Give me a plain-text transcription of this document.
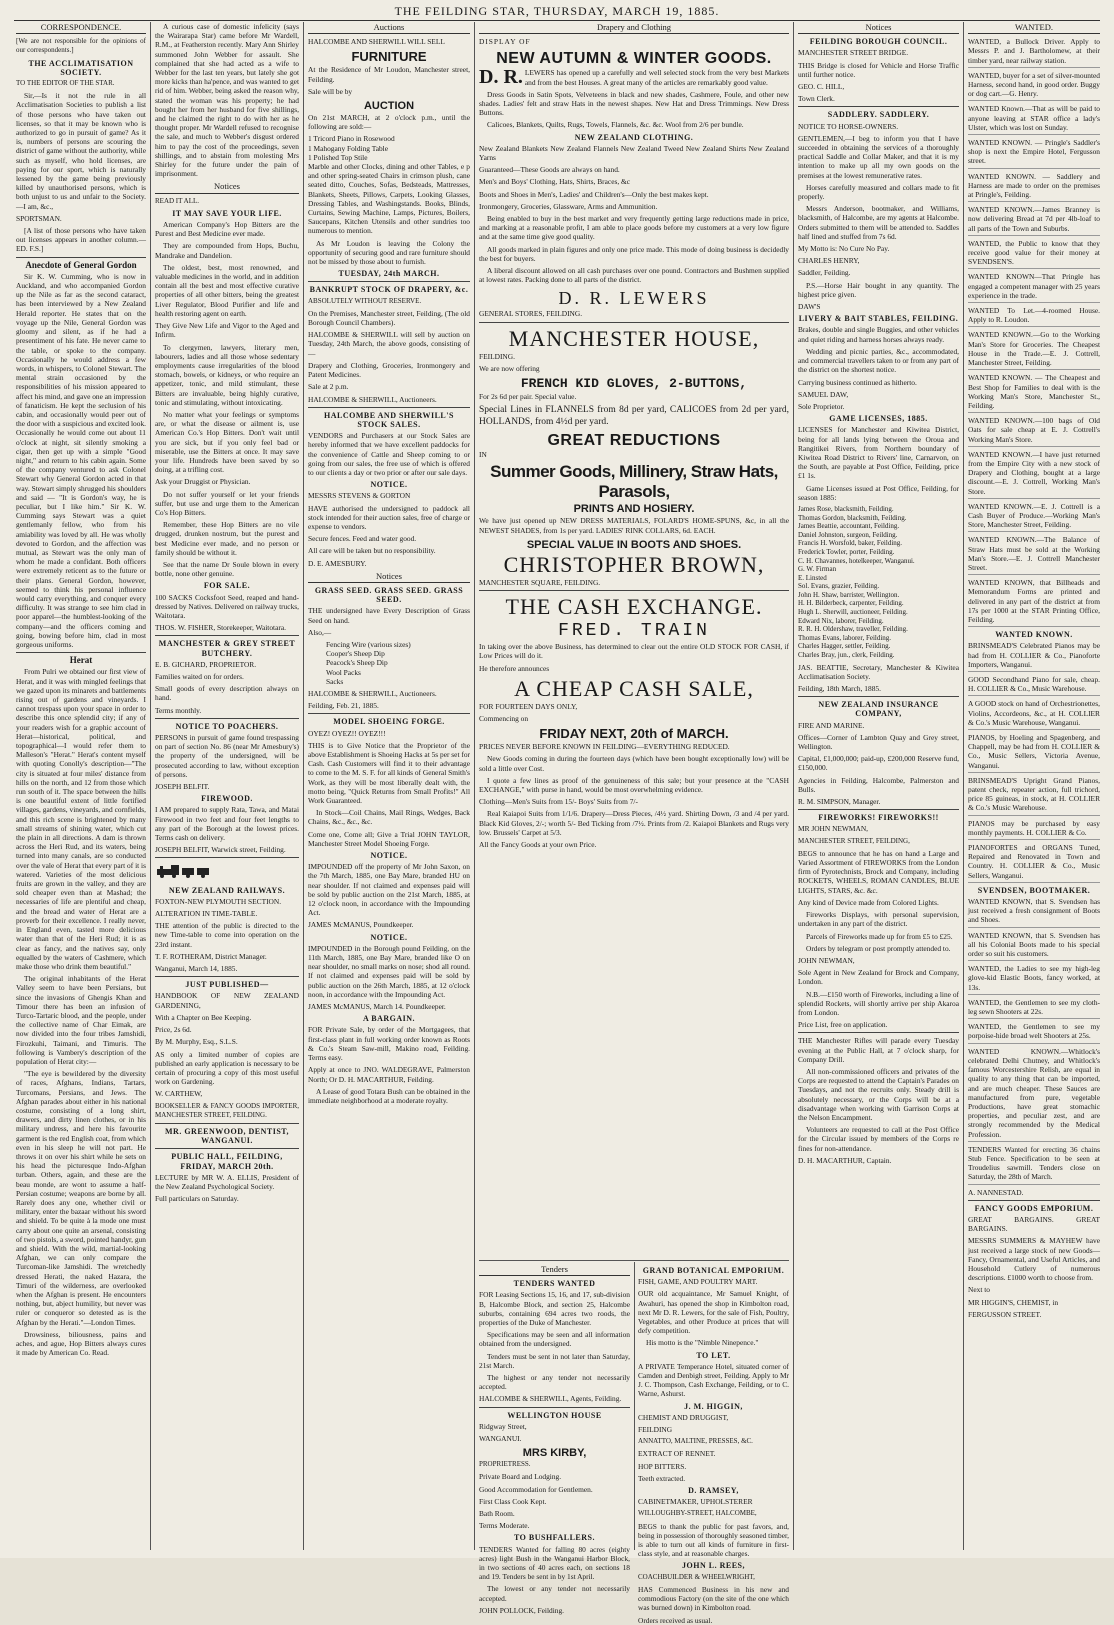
THE FEILDING STAR, THURSDAY, MARCH 19, 1885.
CORRESPONDENCE.

[We are not responsible for the opinions of our correspondents.]

THE ACCLIMATISATION SOCIETY.

TO THE EDITOR OF THE STAR.

Sir,—Is it not the rule in all Acclimatisation Societies to publish a list of those persons who have taken out licenses, so that it may be known who is authorized to go in pursuit of game? As it is, numbers of persons are scouring the district of game without the authority, while such as myself, who hold licenses, are paying for our sport, which is naturally lessened by the game being previously killed by unauthorised persons, which is both unjust to us and unfair to the Society.—I am, &c.,

SPORTSMAN.

[A list of those persons who have taken out licenses appears in another column.—ED. F.S.]

Anecdote of General Gordon

Sir K. W. Cumming, who is now in Auckland, and who accompanied Gordon up the Nile as far as the second cataract, has been interviewed by a New Zealand Herald reporter. He states that on the voyage up the Nile, General Gordon was gloomy and silent, as if he had a presentiment of his fate. He never came to the table, or spoke to the company. Occasionally he would address a few words, in whispers, to Colonel Stewart. The mental strain occasioned by the responsibilities of his mission appeared to affect his mind, and gave one an impression of fanaticism. He kept the seclusion of his cabin, and occasionally would peer out of the door with a suspicious and excited look. Occasionally he would come out about 11 o'clock at night, sit silently smoking a cigar, then get up with a simple "Good night," and return to his cabin again. Some of the company ventured to ask Colonel Stewart why General Gordon acted in that way. Stewart simply shrugged his shoulders and said — "It is Gordon's way, he is peculiar, but I like him." Sir K. W. Cumming says Stewart was a quiet gentlemanly fellow, who from his amiability was loved by all. He was wholly devoted to Gordon, and the affection was mutual, as Stewart was the only man of whom he made a confidant. Both officers were extremely reticent as to the future or their plans. General Gordon, however, seemed to think his personal influence would carry everything, and conquer every difficulty. It was strange to see him clad in poor apparel—the humblest-looking of the company—and the officers coming and going, bowing before him, clad in most gorgeous uniforms.

Herat

From Pulri we obtained our first view of Herat, and it was with mingled feelings that we gazed upon its minarets and battlements rising out of gardens and vineyards. I cannot trespass upon your space in order to describe this once splendid city; if any of your readers wish for a graphic account of Herat—historical, political, and topographical—I would refer them to Malleson's "Herat." Herat's content myself with quoting Conolly's description—"The city is situated at four miles' distance from hills on the north, and 12 from those which run south of it. The space between the hills is one beautiful extent of little fortified villages, gardens, vineyards, and cornfields, and this rich scene is brightened by many small streams of shining water, which cut the plain in all directions. A dam is thrown across the Heri Rud, and its waters, being turned into many canals, are so conducted over the vale of Herat that every part of it is watered. Varieties of the most delicious fruits are grown in the valley, and they are sold cheaper even than at Mashad; the necessaries of life are plentiful and cheap, and the bread and water of Herat are a proverb for their excellence. I really never, in England even, tasted more delicious water than that of the Heri Rud; it is as clear as fancy, and the natives say, only equalled by the waters of Cashmere, which make those who drink them beautiful."

The original inhabitants of the Herat Valley seem to have been Persians, but since the invasions of Ghengis Khan and Timour there has been an infusion of Turco-Tartaric blood, and the people, under the collective name of Char Eimak, are now divided into the four tribes Jamshidi, Firozkuhi, Taimani, and Timuris. The following is Vambery's description of the population of Herat city:—

"The eye is bewildered by the diversity of races, Afghans, Indians, Tartars, Turcomans, Persians, and Jews. The Afghan parades about either in his national costume, consisting of a long shirt, drawers, and dirty linen clothes, or in his military undress, and here his favourite garment is the red English coat, from which even in his sleep he will not part. He throws it on over his shirt while he sets on his head the picturesque Indo-Afghan turban. Others, again, and these are the beau monde, are wont to assume a half-Persian costume; weapons are borne by all. Rarely does any one, whether civil or military, enter the bazaar without his sword and shield. To be quite à la mode one must carry about one quite an arsenal, consisting of two pistols, a sword, pointed handyr, gun and shield. With the wild, martial-looking Afghan, we can only compare the Turcoman-like Jamshidi. The wretchedly dressed Herati, the naked Hazara, the Timuri of the wilderness, are overlooked when the Afghan is present. He encounters nothing, but, abject humility, but never was ruler or conqueror so detested as is the Afghan by the Herati."—London Times.

Drowsiness, biliousness, pains and aches, and ague, Hop Bitters always cures it made by American Co. Read.

A curious case of domestic infelicity (says the Wairarapa Star) came before Mr Wardell, R.M., at Featherston recently. Mary Ann Shirley summoned John Webber for assault. She complained that she had acted as a wife to Webber for the last ten years, but lately she got more kicks than ha'pence, and was wanted to get rid of him. Webber, being asked the reason why, stated the woman was his property; he had bought her from her husband for five shillings, and he claimed the right to do with her as he thought proper. Mr Wardell refused to recognise the sale, and much to Webber's disgust ordered him to pay the cost of the proceedings, seven shillings, and to abstain from molesting Mrs Shirley for the future under the pain of imprisonment.

Notices

READ IT ALL.

IT MAY SAVE YOUR LIFE.

American Company's Hop Bitters are the Purest and Best Medicine ever made.

They are compounded from Hops, Buchu, Mandrake and Dandelion.

The oldest, best, most renowned, and valuable medicines in the world, and in addition contain all the best and most effective curative properties of all other bitters, being the greatest Liver Regulator, Blood Purifier and life and health restoring agent on earth.

They Give New Life and Vigor to the Aged and Infirm.

To clergymen, lawyers, literary men, labourers, ladies and all those whose sedentary employments cause irregularities of the blood stomach, bowels, or kidneys, or who require an appetizer, tonic, and mild stimulant, these Bitters are invaluable, being highly curative, tonic and stimulating, without intoxicating.

No matter what your feelings or symptoms are, or what the disease or ailment is, use American Co.'s Hop Bitters. Don't wait until you are sick, but if you only feel bad or miserable, use the Bitters at once. It may save your life. Hundreds have been saved by so doing, at a trifling cost.

Ask your Druggist or Physician.

Do not suffer yourself or let your friends suffer, but use and urge them to the American Co's Hop Bitters.

Remember, these Hop Bitters are no vile drugged, drunken nostrum, but the purest and best Medicine ever made, and no person or family should be without it.

See that the name Dr Soule blown in every bottle, none other genuine.

FOR SALE.

100 SACKS Cocksfoot Seed, reaped and hand-dressed by Natives. Delivered on railway trucks, Waitotara.

THOS. W. FISHER, Storekeeper, Waitotara.

MANCHESTER & GREY STREET BUTCHERY.

E. B. GICHARD, PROPRIETOR.

Families waited on for orders.

Small goods of every description always on hand.

Terms monthly.

NOTICE TO POACHERS.

PERSONS in pursuit of game found trespassing on part of section No. 86 (near Mr Amesbury's) the property of the undersigned, will be prosecuted according to law, without exception of persons.

JOSEPH BELFIT.

FIREWOOD.

I AM prepared to supply Rata, Tawa, and Matai Firewood in two feet and four feet lengths to any part of the Borough at the lowest prices. Terms cash on delivery.

JOSEPH BELFIT, Warwick street, Feilding.

NEW ZEALAND RAILWAYS.

FOXTON-NEW PLYMOUTH SECTION.

ALTERATION IN TIME-TABLE.

THE attention of the public is directed to the new Time-table to come into operation on the 23rd instant.

T. F. ROTHERAM, District Manager.

Wanganui, March 14, 1885.

JUST PUBLISHED—

HANDBOOK OF NEW ZEALAND GARDENING,

With a Chapter on Bee Keeping.

Price, 2s 6d.

By M. Murphy, Esq., S.L.S.

AS only a limited number of copies are published an early application is necessary to be certain of procuring a copy of this most useful work on Gardening.

W. CARTHEW,

BOOKSELLER & FANCY GOODS IMPORTER, MANCHESTER STREET, FEILDING.

MR. GREENWOOD, DENTIST, WANGANUI.
PUBLIC HALL, FEILDING, FRIDAY, MARCH 20th.

LECTURE by MR W. A. ELLIS, President of the New Zealand Psychological Society.

Full particulars on Saturday.

Auctions

HALCOMBE AND SHERWILL WILL SELL

FURNITURE

At the Residence of Mr Loudon, Manchester street, Feilding.

Sale will be by

AUCTION

On 21st MARCH, at 2 o'clock p.m., until the following are sold:—

1 Tricord Piano in Rosewood
1 Mahogany Folding Table
1 Polished Top Stile
Marble and other Clocks, dining and other Tables, e p and other spring-seated Chairs in crimson plush, cane seated ditto, Couches, Sofas, Bedsteads, Mattresses, Blankets, Sheets, Pillows, Carpets, Looking Glasses, Dressing Tables, and Washingstands. Books, Blinds, Curtains, Sewing Machine, Lamps, Pictures, Boilers, Saucepans, Kitchen Utensils and other sundries too numerous to mention.

As Mr Loudon is leaving the Colony the opportunity of securing good and rare furniture should not be missed by those about to furnish.

TUESDAY, 24th MARCH.
BANKRUPT STOCK OF DRAPERY, &c.

ABSOLUTELY WITHOUT RESERVE.

On the Premises, Manchester street, Feilding, (The old Borough Council Chambers).

HALCOMBE & SHERWILL will sell by auction on Tuesday, 24th March, the above goods, consisting of—

Drapery and Clothing, Groceries, Ironmongery and Patent Medicines.

Sale at 2 p.m.

HALCOMBE & SHERWILL, Auctioneers.

HALCOMBE AND SHERWILL'S STOCK SALES.

VENDORS and Purchasers at our Stock Sales are hereby informed that we have excellent paddocks for the convenience of Cattle and Sheep coming to or going from our sales, the free use of which is offered to our clients a day or two prior or after our sale days.

NOTICE.

MESSRS STEVENS & GORTON

HAVE authorised the undersigned to paddock all stock intended for their auction sales, free of charge or expense to vendors.

Secure fences. Feed and water good.

All care will be taken but no responsibility.

D. E. AMESBURY.

Notices
GRASS SEED. GRASS SEED. GRASS SEED.

THE undersigned have Every Description of Grass Seed on hand.

Also,—

Fencing Wire (various sizes)
Cooper's Sheep Dip
Peacock's Sheep Dip
Wool Packs
Sacks

HALCOMBE & SHERWILL, Auctioneers.

Feilding, Feb. 21, 1885.

MODEL SHOEING FORGE.

OYEZ! OYEZ!! OYEZ!!!

THIS is to Give Notice that the Proprietor of the above Establishment is Shoeing Hacks at 5s per set for Cash. Cash Customers will find it to their advantage to come to the M. S. F. for all kinds of General Smith's Work, as they will be most liberally dealt with, the motto being, "Quick Returns from Small Profits!" All Work Guaranteed.

In Stock—Coil Chains, Mail Rings, Wedges, Back Chains, &c., &c., &c.

Come one, Come all; Give a Trial JOHN TAYLOR, Manchester Street Model Shoeing Forge.

NOTICE.

IMPOUNDED off the property of Mr John Saxon, on the 7th March, 1885, one Bay Mare, branded HU on near shoulder. If not claimed and expenses paid will be sold by public auction on the 21st March, 1885, at 12 o'clock noon, in accordance with the Impounding Act.

JAMES McMANUS, Poundkeeper.

NOTICE.

IMPOUNDED in the Borough pound Feilding, on the 11th March, 1885, one Bay Mare, branded like O on near shoulder, no small marks on nose; shod all round. If not claimed and expenses paid will be sold by public auction on the 26th March, 1885, at 12 o'clock noon, in accordance with the Impounding Act.

JAMES McMANUS, March 14. Poundkeeper.

A BARGAIN.

FOR Private Sale, by order of the Mortgagees, that first-class plant in full working order known as Roots & Co.'s Steam Saw-mill, Makino road, Feilding. Terms easy.

Apply at once to JNO. WALDEGRAVE, Palmerston North; Or D. H. MACARTHUR, Feilding.

A Lease of good Totara Bush can be obtained in the immediate neighborhood at a moderate royalty.

Drapery and Clothing

DISPLAY OF

NEW AUTUMN & WINTER GOODS.

D. R. LEWERS has opened up a carefully and well selected stock from the very best Markets and from the best Houses. A great many of the articles are remarkably good value.

Dress Goods in Satin Spots, Velveteens in black and new shades, Cashmere, Foule, and other new shades. Ladies' felt and straw Hats in the newest shapes. New Hat and Dress Trimmings. New Dress Buttons.

Calicoes, Blankets, Quilts, Rugs, Towels, Flannels, &c. &c. Wool from 2/6 per bundle.

NEW ZEALAND CLOTHING.

New Zealand Blankets New Zealand Flannels New Zealand Tweed New Zealand Shirts New Zealand Yarns

Guaranteed—These Goods are always on hand.

Men's and Boys' Clothing, Hats, Shirts, Braces, &c

Boots and Shoes in Men's, Ladies' and Children's—Only the best makes kept.

Ironmongery, Groceries, Glassware, Arms and Ammunition.

Being enabled to buy in the best market and very frequently getting large reductions made in price, and marking at a reasonable profit, I am able to place goods before my customers at a very low figure and at the same time give good quality.

All goods marked in plain figures and only one price made. This mode of doing business is decidedly the best for buyers.

A liberal discount allowed on all cash purchases over one pound. Contractors and Bushmen supplied at lowest rates. Packing done to all parts of the district.

D. R. LEWERS

GENERAL STORES, FEILDING.

MANCHESTER HOUSE,

FEILDING.

We are now offering

FRENCH KID GLOVES, 2-BUTTONS,

For 2s 6d per pair. Special value.

Special Lines in FLANNELS from 8d per yard, CALICOES from 2d per yard, HOLLANDS, from 4½d per yard.

GREAT REDUCTIONS

IN

Summer Goods, Millinery, Straw Hats, Parasols,
PRINTS AND HOSIERY.

We have just opened up NEW DRESS MATERIALS, FOLARD'S HOME-SPUNS, &c, in all the NEWEST SHADES, from 1s per yard. LADIES' RINK COLLARS, 6d. EACH.

SPECIAL VALUE IN BOOTS AND SHOES.
CHRISTOPHER BROWN,

MANCHESTER SQUARE, FEILDING.

THE CASH EXCHANGE.
FRED. TRAIN

In taking over the above Business, has determined to clear out the entire OLD STOCK FOR CASH, if Low Prices will do it.

He therefore announces

A CHEAP CASH SALE,

FOR FOURTEEN DAYS ONLY,

Commencing on

FRIDAY NEXT, 20th of MARCH.

PRICES NEVER BEFORE KNOWN IN FEILDING—EVERYTHING REDUCED.

New Goods coming in during the fourteen days (which have been bought exceptionally low) will be sold a little over Cost.

I quote a few lines as proof of the genuineness of this sale; but your presence at the "CASH EXCHANGE," with purse in hand, would be most overwhelming evidence.

Clothing—Men's Suits from 15/- Boys' Suits from 7/-

Real Kaiapoi Suits from 1/1/6. Drapery—Dress Pieces, /4½ yard. Shirting Down, /3 and /4 per yard. Black Kid Gloves, 2/-; worth 5/- Bed Ticking from /7½. Prints from /2. Kaiapoi Blankets and Rugs very low. Brussels' Carpet at 5/3.

All the Fancy Goods at your own Price.

Tenders
TENDERS WANTED

FOR Leasing Sections 15, 16, and 17, sub-division B, Halcombe Block, and section 25, Halcombe suburbs, containing 694 acres two roods, the properties of the Duke of Manchester.

Specifications may be seen and all information obtained from the undersigned.

Tenders must be sent in not later than Saturday, 21st March.

The highest or any tender not necessarily accepted.

HALCOMBE & SHERWILL, Agents, Feilding.

WELLINGTON HOUSE

Ridgway Street,

WANGANUI.

MRS KIRBY,

PROPRIETRESS.

Private Board and Lodging.

Good Accommodation for Gentlemen.

First Class Cook Kept.

Bath Room.

Terms Moderate.

TO BUSHFALLERS.

TENDERS Wanted for falling 80 acres (eighty acres) light Bush in the Wanganui Harbor Block, in two sections of 40 acres each, on sections 18 and 19. Tenders be sent in by 1st April.

The lowest or any tender not necessarily accepted.

JOHN POLLOCK, Feilding.

GRAND BOTANICAL EMPORIUM.

FISH, GAME, AND POULTRY MART.

OUR old acquaintance, Mr Samuel Knight, of Awahuri, has opened the shop in Kimbolton road, next Mr D. R. Lewers, for the sale of Fish, Poultry, Vegetables, and other Produce at prices that will defy competition.

His motto is the "Nimble Ninepence."

TO LET.

A PRIVATE Temperance Hotel, situated corner of Camden and Denbigh street, Feilding. Apply to Mr J. C. Thompson, Cash Exchange, Feilding, or to C. Warne, Ashurst.

J. M. HIGGIN,

CHEMIST AND DRUGGIST,

FEILDING

ANNATTO, MALTINE, PRESSES, &C.

EXTRACT OF RENNET.

HOP BITTERS.

Teeth extracted.

D. RAMSEY,

CABINETMAKER, UPHOLSTERER

WILLOUGHBY-STREET, HALCOMBE,

BEGS to thank the public for past favors, and, being in possession of thoroughly seasoned timber, is able to turn out all kinds of furniture in first-class style, and at reasonable charges.

JOHN L. REES,

COACHBUILDER & WHEELWRIGHT,

HAS Commenced Business in his new and commodious Factory (on the site of the one which was burned down) in Kimbolton road.

Orders received as usual.

Notices
FEILDING BOROUGH COUNCIL.

MANCHESTER STREET BRIDGE.

THIS Bridge is closed for Vehicle and Horse Traffic until further notice.

GEO. C. HILL,

Town Clerk.

SADDLERY. SADDLERY.

NOTICE TO HORSE-OWNERS.

GENTLEMEN,—I beg to inform you that I have succeeded in obtaining the services of a thoroughly practical Saddle and Collar Maker, and that it is my intention to make up all my own goods on the premises at the lowest remunerative rates.

Horses carefully measured and collars made to fit properly.

Messrs Anderson, bootmaker, and Williams, blacksmith, of Halcombe, are my agents at Halcombe. Orders submitted to them will be attended to. Saddles half lined and stuffed from 7s 6d.

My Motto is: No Cure No Pay.

CHARLES HENRY,

Saddler, Feilding.

P.S.—Horse Hair bought in any quantity. The highest price given.

DAW'S

LIVERY & BAIT STABLES, FEILDING.

Brakes, double and single Buggies, and other vehicles and quiet riding and harness horses always ready.

Wedding and picnic parties, &c., accommodated, and commercial travellers taken to or from any part of the district on the shortest notice.

Carrying business continued as hitherto.

SAMUEL DAW,

Sole Proprietor.

GAME LICENSES, 1885.

LICENSES for Manchester and Kiwitea District, being for all lands lying between the Oroua and Rangitikei Rivers, from Northern boundary of Kiwitea Road District to Rivers' line, Carnarvon, on the South, are payable at Post Office, Feilding, price £1 1s.

Game Licenses issued at Post Office, Feilding, for season 1885:

James Rose, blacksmith, Feilding.
Thomas Gordon, blacksmith, Feilding.
James Beattie, accountant, Feilding.
Daniel Johnston, surgeon, Feilding.
Francis H. Worsfold, baker, Feilding.
Frederick Towler, porter, Feilding.
C. H. Chavannes, hotelkeeper, Wanganui.
G. W. Firman
E. Linsted
Sol. Evans, grazier, Feilding.
John H. Shaw, barrister, Wellington.
H. H. Bilderbeck, carpenter, Feilding.
Hugh L. Sherwill, auctioneer, Feilding.
Edward Nix, laborer, Feilding.
R. R. H. Oldershaw, traveller, Feilding.
Thomas Evans, laborer, Feilding.
Charles Hagger, settler, Feilding.
Charles Bray, jun., clerk, Feilding.

JAS. BEATTIE, Secretary, Manchester & Kiwitea Acclimatisation Society.

Feilding, 18th March, 1885.

NEW ZEALAND INSURANCE COMPANY,

FIRE AND MARINE.

Offices—Corner of Lambton Quay and Grey street, Wellington.

Capital, £1,000,000; paid-up, £200,000 Reserve fund, £150,000.

Agencies in Feilding, Halcombe, Palmerston and Bulls.

R. M. SIMPSON, Manager.

FIREWORKS! FIREWORKS!!

MR JOHN NEWMAN,

MANCHESTER STREET, FEILDING,

BEGS to announce that he has on hand a Large and Varied Assortment of FIREWORKS from the London firm of Pyrotechnists, Brock and Company, including ROCKETS, WHEELS, ROMAN CANDLES, BLUE LIGHTS, STARS, &c. &c.

Any kind of Device made from Colored Lights.

Fireworks Displays, with personal supervision, undertaken in any part of the district.

Parcels of Fireworks made up for from £5 to £25.

Orders by telegram or post promptly attended to.

JOHN NEWMAN,

Sole Agent in New Zealand for Brock and Company, London.

N.B.—£150 worth of Fireworks, including a line of splendid Rockets, will shortly arrive per ship Akaroa from London.

Price List, free on application.

THE Manchester Rifles will parade every Tuesday evening at the Public Hall, at 7 o'clock sharp, for Company Drill.

All non-commissioned officers and privates of the Corps are requested to attend the Captain's Parades on Tuesdays, and not the recruits only. Steady drill is absolutely necessary, or the Corps will be at a disadvantage when working with Garrison Corps at the Nelson Encampment.

Volunteers are requested to call at the Post Office for the Circular issued by members of the Corps re fines for non-attendance.

D. H. MACARTHUR, Captain.

WANTED.

WANTED, a Bullock Driver. Apply to Messrs P. and J. Bartholomew, at their timber yard, near railway station.

WANTED, buyer for a set of silver-mounted Harness, second hand, in good order. Buggy or dog cart.—G. Henry.

WANTED Known.—That as will be paid to anyone leaving at STAR office a lady's Ulster, which was lost on Sunday.

WANTED KNOWN. — Pringle's Saddler's shop is next the Empire Hotel, Fergusson street.

WANTED KNOWN. — Saddlery and Harness are made to order on the premises at Pringle's, Feilding.

WANTED KNOWN.—James Branney is now delivering Bread at 7d per 4lb-loaf to all parts of the Town and Suburbs.

WANTED, the Public to know that they receive good value for their money at SVENDSEN'S.

WANTED KNOWN—That Pringle has engaged a competent manager with 25 years experience in the trade.

WANTED To Let.—4-roomed House. Apply to R. Loudon.

WANTED KNOWN.—Go to the Working Man's Store for Groceries. The Cheapest House in the Trade.—E. J. Cottrell, Manchester Street, Feilding.

WANTED KNOWN. — The Cheapest and Best Shop for Families to deal with is the Working Man's Store, Manchester St., Feilding.

WANTED KNOWN.—100 bags of Old Oats for sale cheap at E. J. Cottrell's Working Man's Store.

WANTED KNOWN.—I have just returned from the Empire City with a new stock of Drapery and Clothing, bought at a large discount.—E. J. Cottrell, Working Man's Store.

WANTED KNOWN.—E. J. Cottrell is a Cash Buyer of Produce.—Working Man's Store, Manchester Street, Feilding.

WANTED KNOWN.—The Balance of Straw Hats must be sold at the Working Man's Store.—E. J. Cottrell Manchester Street.

WANTED KNOWN, that Billheads and Memorandum Forms are printed and delivered in any part of the district at from 17s per 1000 at the STAR Printing Office, Feilding.

WANTED KNOWN.

BRINSMEAD'S Celebrated Pianos may be had from H. COLLIER & Co., Pianoforte Importers, Wanganui.

GOOD Secondhand Piano for sale, cheap. H. COLLIER & Co., Music Warehouse.

A GOOD stock on hand of Orchestrionettes, Violins, Accordeons, &c., at H. COLLIER & Co.'s Music Warehouse, Wanganui.

PIANOS, by Hoeling and Spagenberg, and Chappell, may be had from H. COLLIER & Co., Music Sellers, Victoria Avenue, Wanganui.

BRINSMEAD'S Upright Grand Pianos, patent check, repeater action, full trichord, price 85 guineas, in stock, at H. COLLIER & Co.'s Music Warehouse.

PIANOS may be purchased by easy monthly payments. H. COLLIER & Co.

PIANOFORTES and ORGANS Tuned, Repaired and Renovated in Town and Country. H. COLLIER & Co., Music Sellers, Wanganui.

SVENDSEN, BOOTMAKER.

WANTED KNOWN, that S. Svendsen has just received a fresh consignment of Boots and Shoes.

WANTED KNOWN, that S. Svendsen has all his Colonial Boots made to his special order so suit his customers.

WANTED, the Ladies to see my high-leg glove-kid Elastic Boots, fancy worked, at 13s.

WANTED, the Gentlemen to see my cloth-leg sewn Shooters at 22s.

WANTED, the Gentlemen to see my porpoise-hide broad welt Shooters at 25s.

WANTED KNOWN.—Whitlock's celebrated Delhi Chutney, and Whitlock's famous Worcestershire Relish, are equal in quality to any thing that can be imported, and are much cheaper. These Sauces are manufactured from pure, vegetable Productions, have great stomachic properties, and peculiar zest, and are strongly recommended by the Medical Profession.

TENDERS Wanted for erecting 36 chains Stub Fence. Specification to be seen at Troudelius sawmill. Tenders close on Saturday, the 28th of March.

A. NANNESTAD.

FANCY GOODS EMPORIUM.

GREAT BARGAINS. GREAT BARGAINS.

MESSRS SUMMERS & MAYHEW have just received a large stock of new Goods—Fancy, Ornamental, and Useful Articles, and Household Cutlery of numerous descriptions. £1000 worth to choose from.

Next to

MR HIGGIN'S, CHEMIST, in

FERGUSSON STREET.
